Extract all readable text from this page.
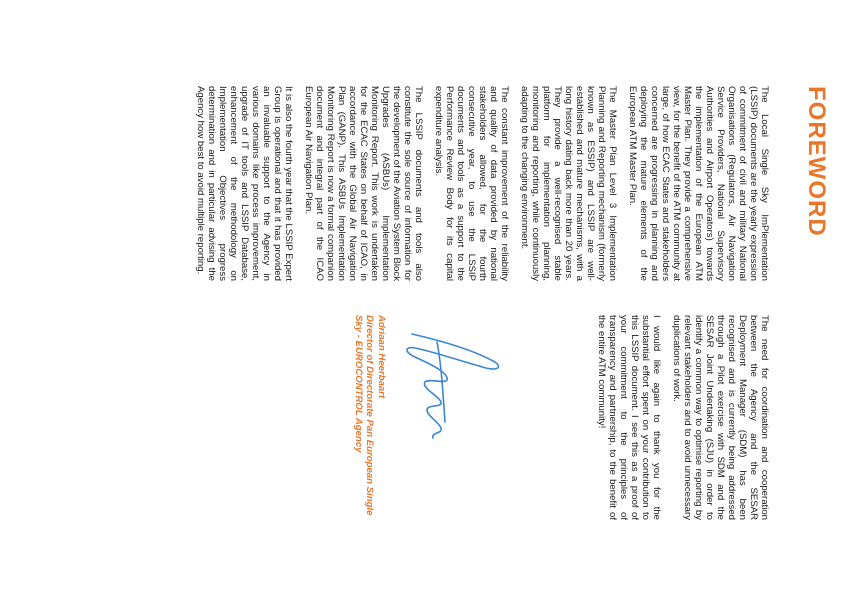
FOREWORD

The Local Single Sky ImPlementation (LSSIP) documents are the yearly expression of commitment of civil and military National Organisations (Regulators, Air Navigation Service Providers, National Supervisory Authorities and Airport Operators) towards the implementation of the European ATM Master Plan. They provide a comprehensive view, for the benefit of the ATM community at large, of how ECAC States and stakeholders concerned are progressing in planning and deploying the mature elements of the European ATM Master Plan.

The Master Plan Level 3 Implementation Planning and Reporting mechanism (formerly known as ESSIP) and LSSIP are well-established and mature mechanisms, with a long history dating back more than 20 years. They provide a well-recognised stable platform for implementation planning, monitoring and reporting, while continuously adapting to the changing environment.

The constant improvement of the reliability and quality of data provided by national stakeholders allowed, for the fourth consecutive year, to use the LSSIP documents and tools as a support to the Performance Review Body for its capital expenditure analysis.

The LSSIP documents and tools also constitute the sole source of information for the development of the Aviation System Block Upgrades (ASBUs) Implementation Monitoring Report. This work is undertaken for the ECAC States on behalf of ICAO, in accordance with the Global Air Navigation Plan (GANP). This ASBUs Implementation Monitoring Report is now a formal companion document and integral part of the ICAO European Air Navigation Plan.

It is also the fourth year that the LSSIP Expert Group is operational and that it has provided an invaluable support to the Agency in various domains like process improvement, upgrade of IT tools and LSSIP Database, enhancement of the methodology on Implementation Objectives progress determination and in particular advising the Agency how best to avoid multiple reporting.

The need for coordination and cooperation between the Agency and the SESAR Deployment Manager (SDM) has been recognised and is currently being addressed through a Pilot exercise with SDM and the SESAR Joint Undertaking (SJU) in order to identify a common way to optimise reporting by relevant stakeholders and to avoid unnecessary duplications of work.

I would like again to thank you for the substantial effort spent on your contribution to this LSSIP document. I see this as a proof of your commitment to the principles of transparency and partnership, to the benefit of the entire ATM community!

Adriaan Heerbaart
Director of Directorate Pan European Single Sky - EUROCONTROL Agency
